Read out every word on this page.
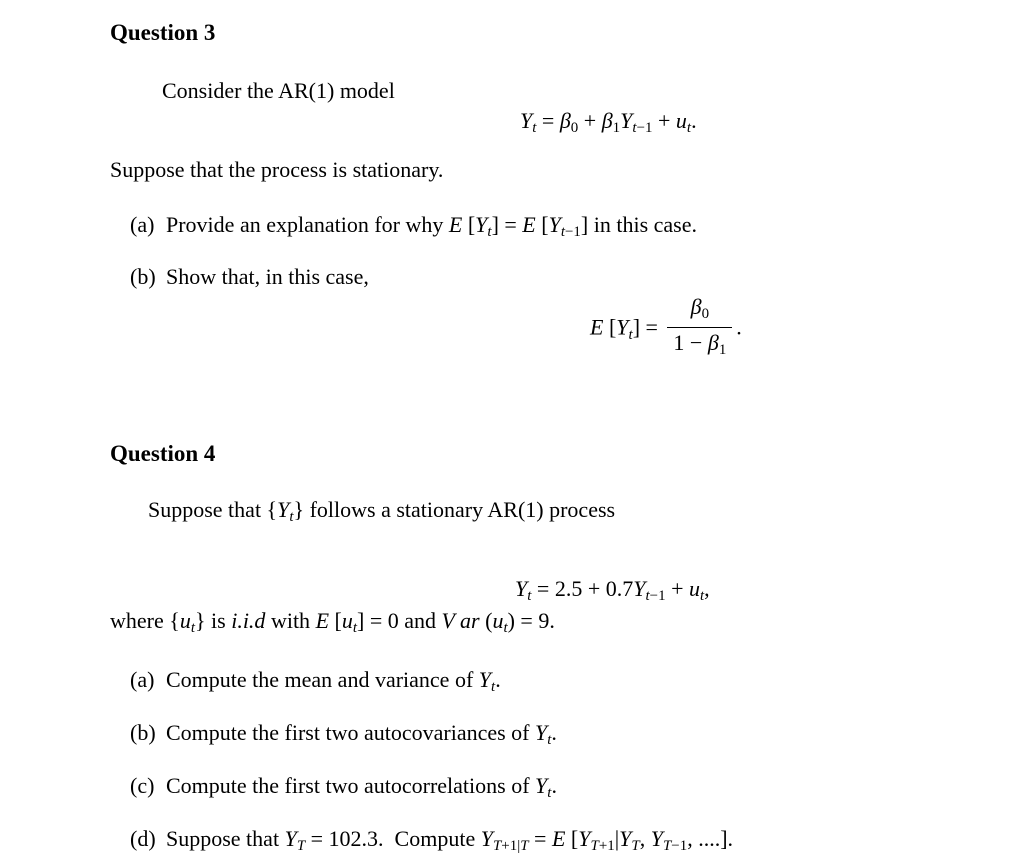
Question 3

Consider the AR(1) model

Yt = β0 + β1Yt−1 + ut.

Suppose that the process is stationary.

(a) Provide an explanation for why E [Yt] = E [Yt−1] in this case.
(b) Show that, in this case,
E $[Yt] = \frac{\beta 0}{1 - \beta 1}$ .

Question 4

Suppose that {Yt} follows a stationary AR(1) process

Yt = 2.5 + 0.7Yt−1 + ut,

where {ut} is i.i.d with E [ut] = 0 and V ar (ut) = 9.

(a) Compute the mean and variance of Yt.
(b) Compute the first two autocovariances of Yt.
(c) Compute the first two autocorrelations of Yt.
(d) Suppose that YT = 102.3. Compute YT+1|T = E [YT+1|YT, YT−1, ....].
